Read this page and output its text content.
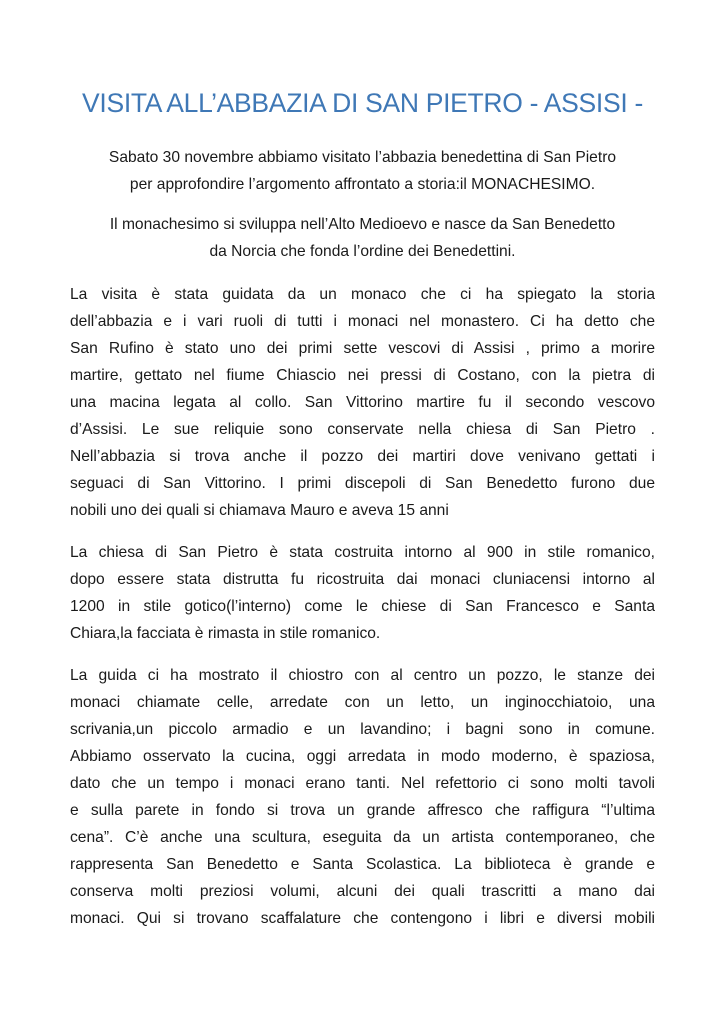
VISITA ALL’ABBAZIA DI SAN PIETRO - ASSISI -
Sabato 30 novembre abbiamo visitato l’abbazia benedettina di San Pietro
per approfondire l’argomento affrontato a storia:il MONACHESIMO.
Il monachesimo si sviluppa nell’Alto Medioevo e nasce da San Benedetto
da Norcia che fonda l’ordine dei Benedettini.
La visita è stata guidata da un monaco che ci ha spiegato la storia
dell’abbazia e i vari ruoli di tutti i monaci nel monastero. Ci ha detto che
San Rufino è stato uno dei primi sette vescovi di Assisi , primo a morire
martire, gettato nel fiume Chiascio nei pressi di Costano, con la pietra di
una macina legata al collo. San Vittorino martire fu il secondo vescovo
d’Assisi. Le sue reliquie sono conservate nella chiesa di San Pietro .
Nell’abbazia si trova anche il pozzo dei martiri dove venivano gettati i
seguaci di San Vittorino. I primi discepoli di San Benedetto furono due
nobili uno dei quali si chiamava Mauro e aveva 15 anni
La chiesa di San Pietro è stata costruita intorno al 900 in stile romanico,
dopo essere stata distrutta fu ricostruita dai monaci cluniacensi intorno al
1200 in stile gotico(l’interno) come le chiese di San Francesco e Santa
Chiara,la facciata è rimasta in stile romanico.
La guida ci ha mostrato il chiostro con al centro un pozzo, le stanze dei
monaci chiamate celle, arredate con un letto, un inginocchiatoio, una
scrivania,un piccolo armadio e un lavandino; i bagni sono in comune.
Abbiamo osservato la cucina, oggi arredata in modo moderno, è spaziosa,
dato che un tempo i monaci erano tanti. Nel refettorio ci sono molti tavoli
e sulla parete in fondo si trova un grande affresco che raffigura “l’ultima
cena”. C’è anche una scultura, eseguita da un artista contemporaneo, che
rappresenta San Benedetto e Santa Scolastica. La biblioteca è grande e
conserva molti preziosi volumi, alcuni dei quali trascritti a mano dai
monaci. Qui si trovano scaffalature che contengono i libri e diversi mobili
